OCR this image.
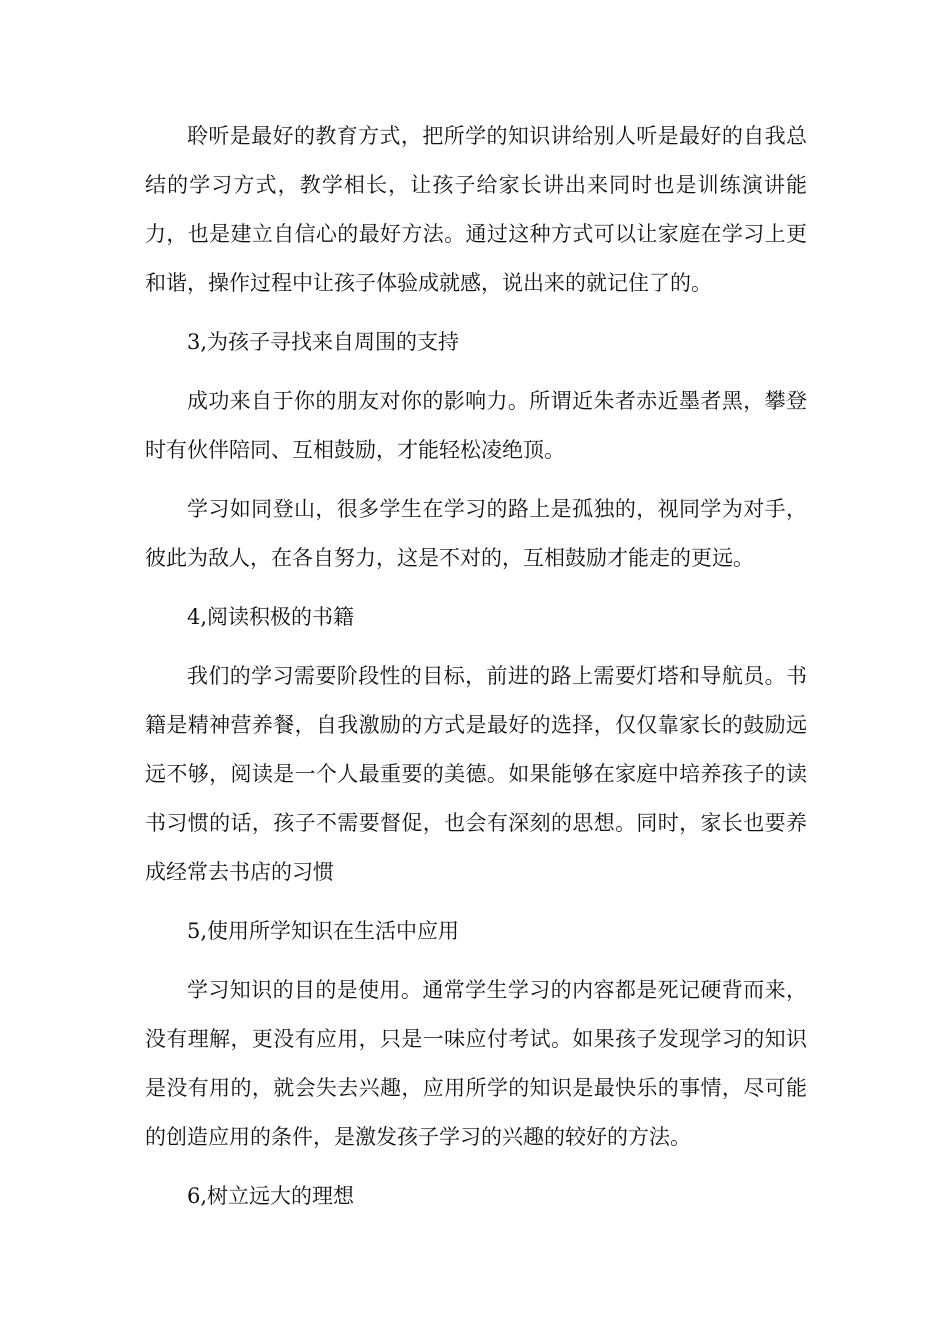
聆听是最好的教育方式，把所学的知识讲给别人听是最好的自我总结的学习方式，教学相长，让孩子给家长讲出来同时也是训练演讲能力，也是建立自信心的最好方法。通过这种方式可以让家庭在学习上更和谐，操作过程中让孩子体验成就感，说出来的就记住了的。

3,为孩子寻找来自周围的支持

成功来自于你的朋友对你的影响力。所谓近朱者赤近墨者黑，攀登时有伙伴陪同、互相鼓励，才能轻松凌绝顶。

学习如同登山，很多学生在学习的路上是孤独的，视同学为对手，彼此为敌人，在各自努力，这是不对的，互相鼓励才能走的更远。

4,阅读积极的书籍

我们的学习需要阶段性的目标，前进的路上需要灯塔和导航员。书籍是精神营养餐，自我激励的方式是最好的选择，仅仅靠家长的鼓励远远不够，阅读是一个人最重要的美德。如果能够在家庭中培养孩子的读书习惯的话，孩子不需要督促，也会有深刻的思想。同时，家长也要养成经常去书店的习惯

5,使用所学知识在生活中应用

学习知识的目的是使用。通常学生学习的内容都是死记硬背而来，没有理解，更没有应用，只是一味应付考试。如果孩子发现学习的知识是没有用的，就会失去兴趣，应用所学的知识是最快乐的事情，尽可能的创造应用的条件，是激发孩子学习的兴趣的较好的方法。

6,树立远大的理想
